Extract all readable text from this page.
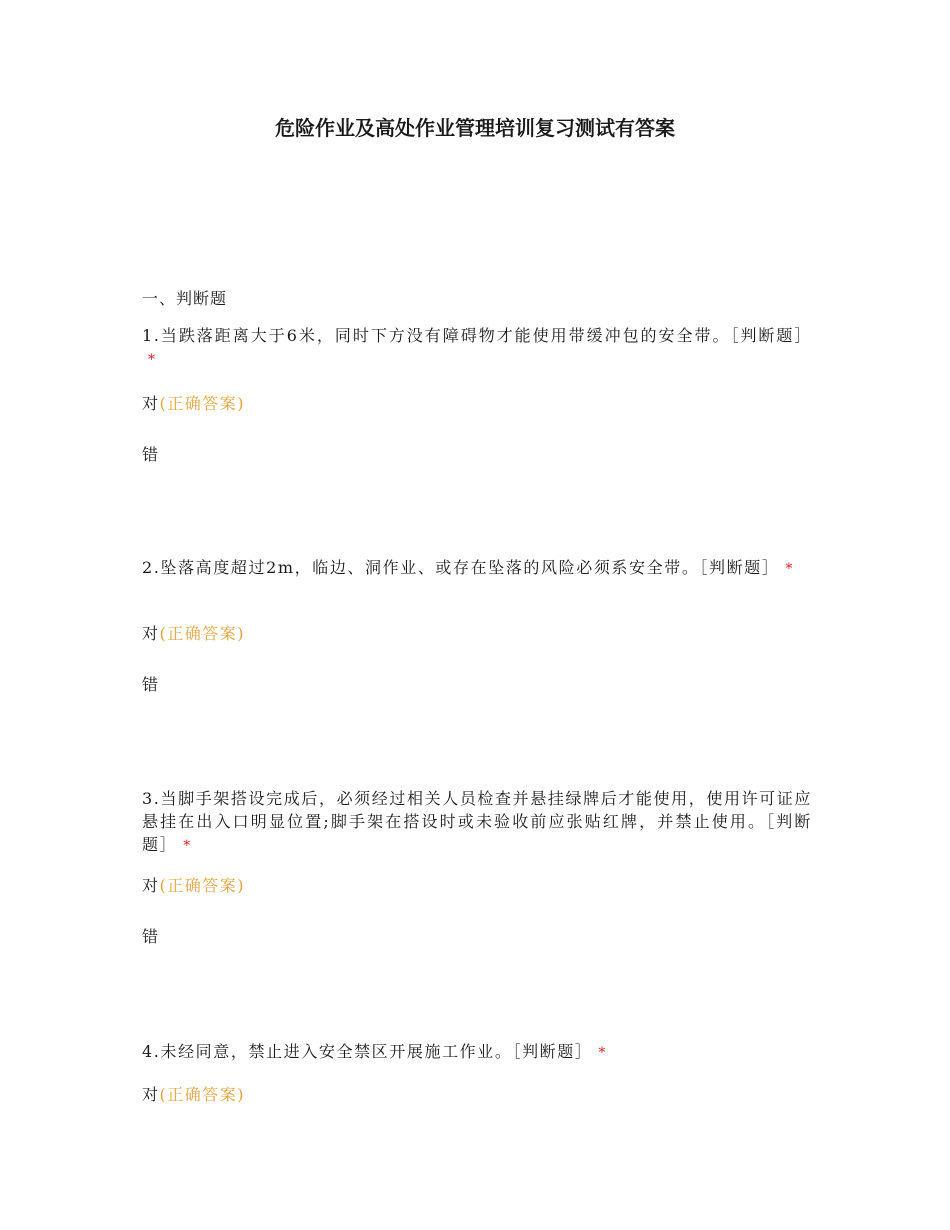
危险作业及高处作业管理培训复习测试有答案
一、判断题
1.当跌落距离大于6米，同时下方没有障碍物才能使用带缓冲包的安全带。［判断题］*
对(正确答案)
错
2.坠落高度超过2m，临边、洞作业、或存在坠落的风险必须系安全带。［判断题］ *
对(正确答案)
错
3.当脚手架搭设完成后，必须经过相关人员检查并悬挂绿牌后才能使用，使用许可证应悬挂在出入口明显位置;脚手架在搭设时或未验收前应张贴红牌，并禁止使用。［判断题］ *
对(正确答案)
错
4.未经同意，禁止进入安全禁区开展施工作业。［判断题］ *
对(正确答案)
